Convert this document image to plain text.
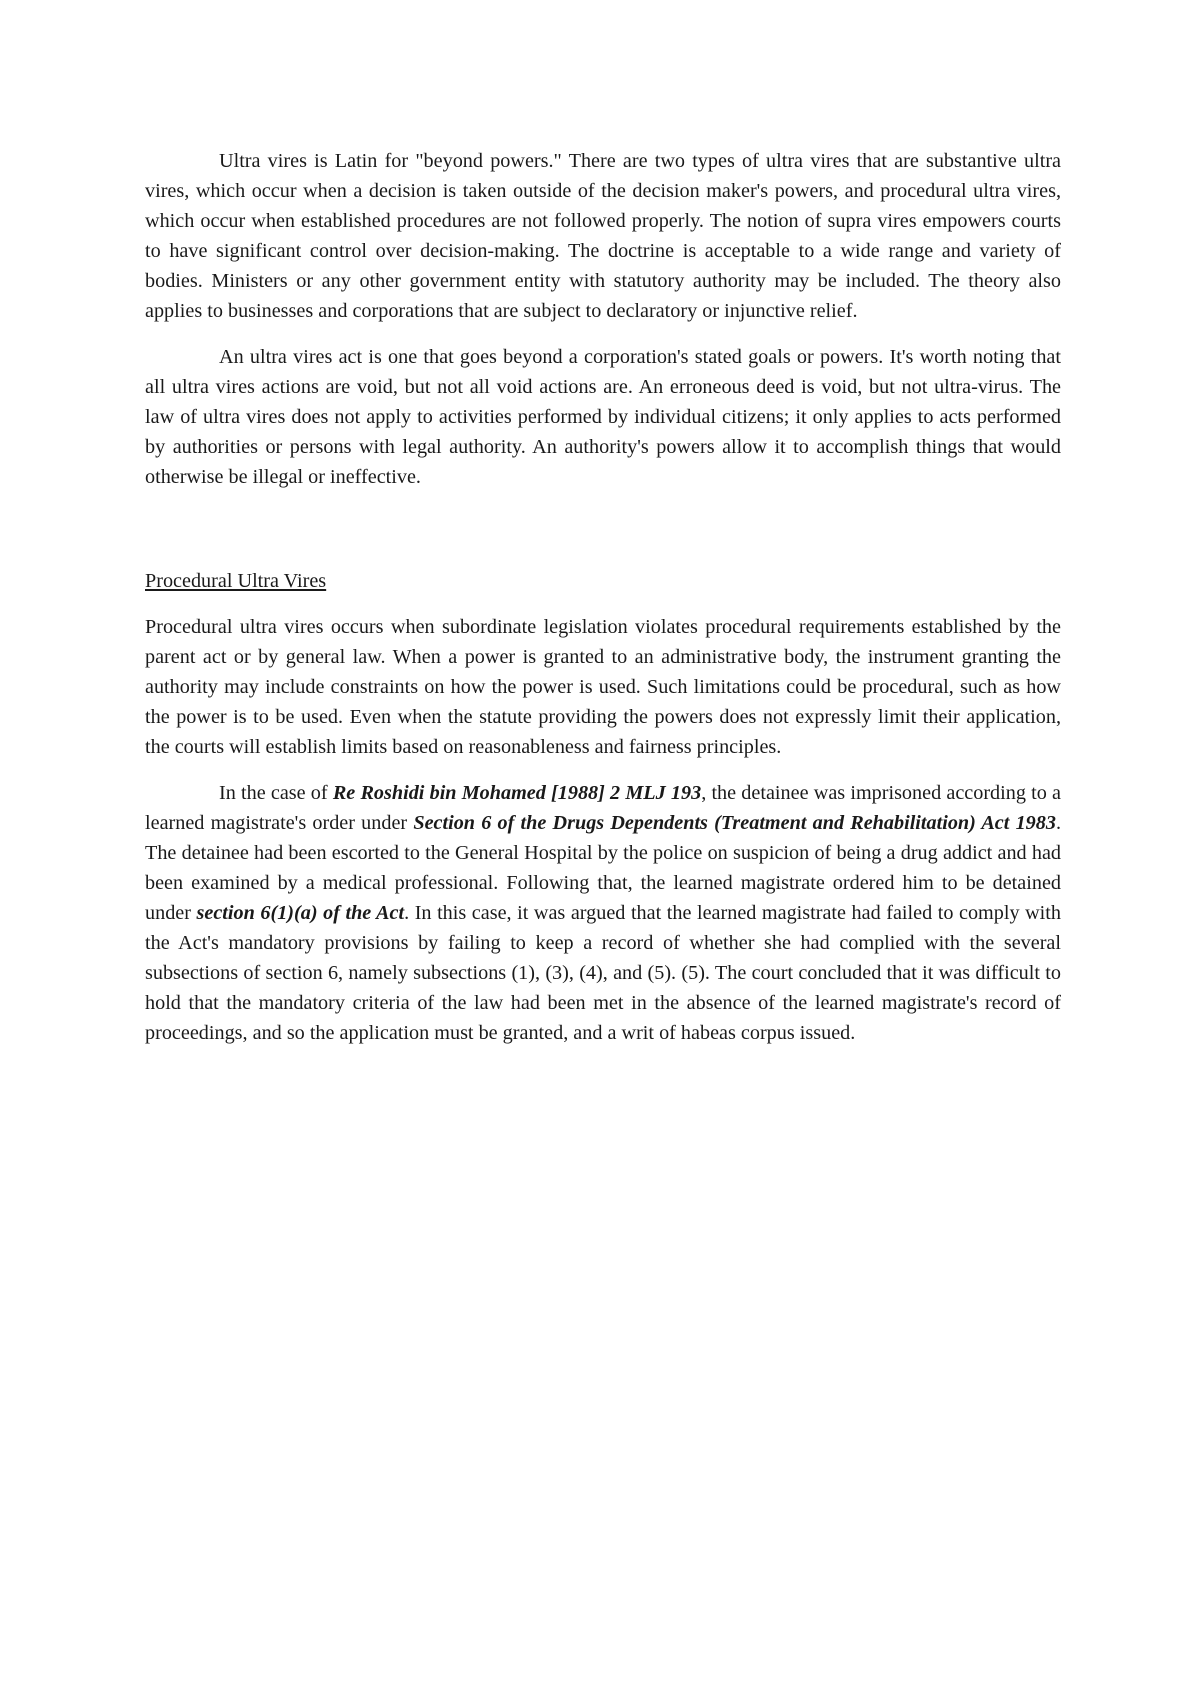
Ultra vires is Latin for "beyond powers." There are two types of ultra vires that are substantive ultra vires, which occur when a decision is taken outside of the decision maker's powers, and procedural ultra vires, which occur when established procedures are not followed properly. The notion of supra vires empowers courts to have significant control over decision-making. The doctrine is acceptable to a wide range and variety of bodies. Ministers or any other government entity with statutory authority may be included. The theory also applies to businesses and corporations that are subject to declaratory or injunctive relief.

An ultra vires act is one that goes beyond a corporation's stated goals or powers. It's worth noting that all ultra vires actions are void, but not all void actions are. An erroneous deed is void, but not ultra-virus. The law of ultra vires does not apply to activities performed by individual citizens; it only applies to acts performed by authorities or persons with legal authority. An authority's powers allow it to accomplish things that would otherwise be illegal or ineffective.

Procedural Ultra Vires

Procedural ultra vires occurs when subordinate legislation violates procedural requirements established by the parent act or by general law. When a power is granted to an administrative body, the instrument granting the authority may include constraints on how the power is used. Such limitations could be procedural, such as how the power is to be used. Even when the statute providing the powers does not expressly limit their application, the courts will establish limits based on reasonableness and fairness principles.

In the case of Re Roshidi bin Mohamed [1988] 2 MLJ 193, the detainee was imprisoned according to a learned magistrate's order under Section 6 of the Drugs Dependents (Treatment and Rehabilitation) Act 1983. The detainee had been escorted to the General Hospital by the police on suspicion of being a drug addict and had been examined by a medical professional. Following that, the learned magistrate ordered him to be detained under section 6(1)(a) of the Act. In this case, it was argued that the learned magistrate had failed to comply with the Act's mandatory provisions by failing to keep a record of whether she had complied with the several subsections of section 6, namely subsections (1), (3), (4), and (5). (5). The court concluded that it was difficult to hold that the mandatory criteria of the law had been met in the absence of the learned magistrate's record of proceedings, and so the application must be granted, and a writ of habeas corpus issued.
